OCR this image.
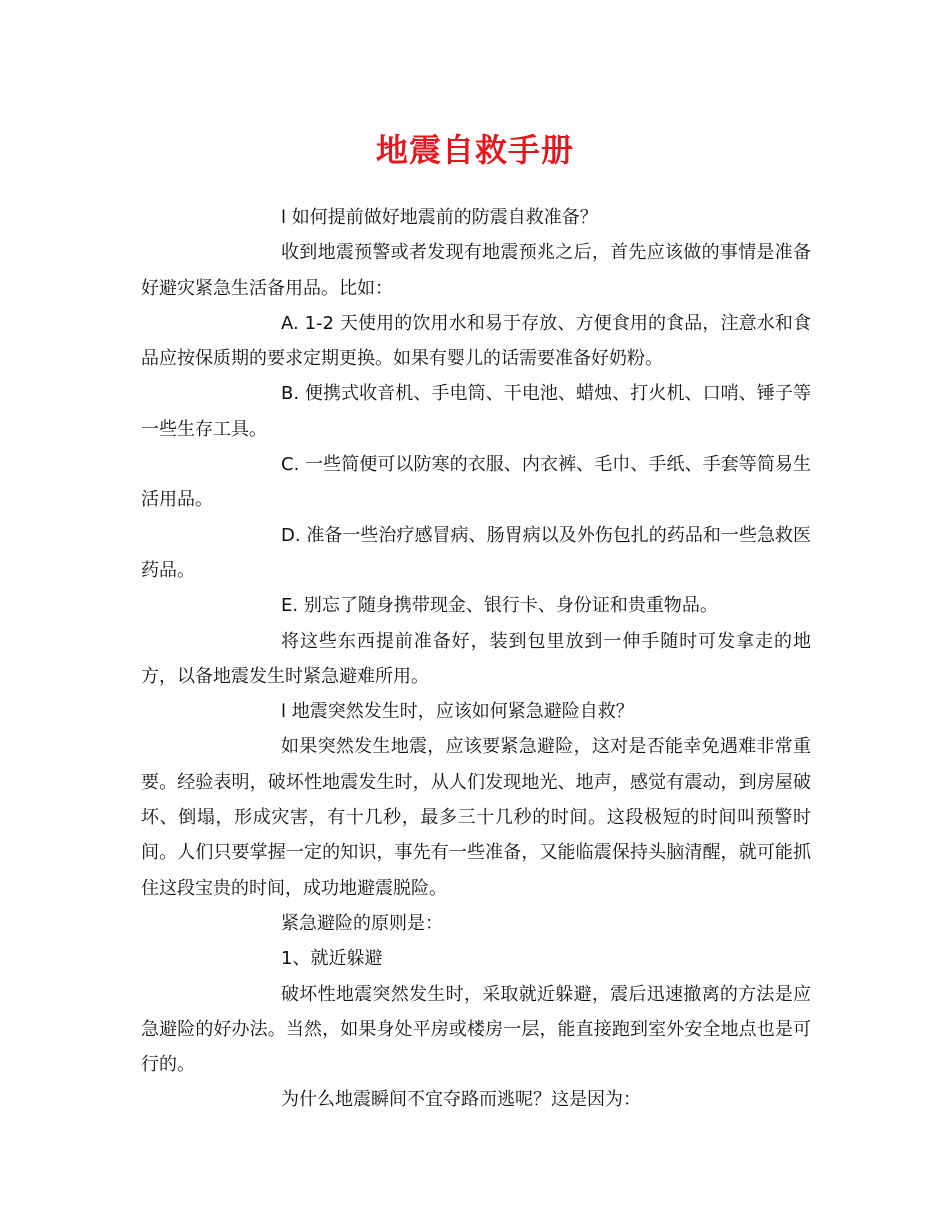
地震自救手册

l 如何提前做好地震前的防震自救准备？

收到地震预警或者发现有地震预兆之后，首先应该做的事情是准备好避灾紧急生活备用品。比如：

A. 1-2 天使用的饮用水和易于存放、方便食用的食品，注意水和食品应按保质期的要求定期更换。如果有婴儿的话需要准备好奶粉。

B. 便携式收音机、手电筒、干电池、蜡烛、打火机、口哨、锤子等一些生存工具。

C. 一些简便可以防寒的衣服、内衣裤、毛巾、手纸、手套等简易生活用品。

D. 准备一些治疗感冒病、肠胃病以及外伤包扎的药品和一些急救医药品。

E. 别忘了随身携带现金、银行卡、身份证和贵重物品。

将这些东西提前准备好，装到包里放到一伸手随时可发拿走的地方，以备地震发生时紧急避难所用。

l 地震突然发生时，应该如何紧急避险自救？

如果突然发生地震，应该要紧急避险，这对是否能幸免遇难非常重要。经验表明，破坏性地震发生时，从人们发现地光、地声，感觉有震动，到房屋破坏、倒塌，形成灾害，有十几秒，最多三十几秒的时间。这段极短的时间叫预警时间。人们只要掌握一定的知识，事先有一些准备，又能临震保持头脑清醒，就可能抓住这段宝贵的时间，成功地避震脱险。

紧急避险的原则是：

1、就近躲避

破坏性地震突然发生时，采取就近躲避，震后迅速撤离的方法是应急避险的好办法。当然，如果身处平房或楼房一层，能直接跑到室外安全地点也是可行的。

为什么地震瞬间不宜夺路而逃呢？这是因为：
